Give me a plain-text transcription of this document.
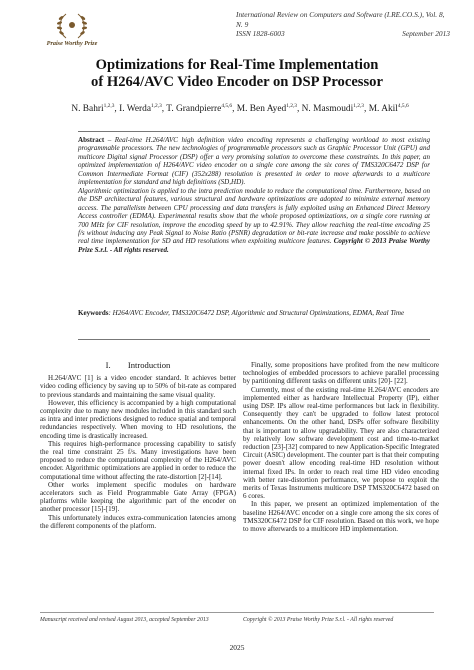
Praise Worthy Prize
International Review on Computers and Software (I.RE.CO.S.), Vol. 8, N. 9
ISSN 1828-6003	September 2013
Optimizations for Real-Time Implementation
of H264/AVC Video Encoder on DSP Processor
N. Bahri$^{1,2,3}$, I. Werda$^{1,2,3}$, T. Grandpierre$^{4,5,6}$, M. Ben Ayed$^{1,2,3}$, N. Masmoudi$^{1,2,3}$, M. Akil$^{4,5,6}$

Abstract – Real-time H.264/AVC high definition video encoding represents a challenging workload to most existing programmable processors. The new technologies of programmable processors such as Graphic Processor Unit (GPU) and multicore Digital signal Processor (DSP) offer a very promising solution to overcome these constraints. In this paper, an optimized implementation of H264/AVC video encoder on a single core among the six cores of TMS320C6472 DSP for Common Intermediate Format (CIF) (352x288) resolution is presented in order to move afterwards to a multicore implementation for standard and high definitions (SD,HD).

Algorithmic optimization is applied to the intra prediction module to reduce the computational time. Furthermore, based on the DSP architectural features, various structural and hardware optimizations are adopted to minimize external memory access. The parallelism between CPU processing and data transfers is fully exploited using an Enhanced Direct Memory Access controller (EDMA). Experimental results show that the whole proposed optimizations, on a single core running at 700 MHz for CIF resolution, improve the encoding speed by up to 42.91%. They allow reaching the real-time encoding 25 f/s without inducing any Peak Signal to Noise Ratio (PSNR) degradation or bit-rate increase and make possible to achieve real time implementation for SD and HD resolutions when exploiting multicore features. Copyright © 2013 Praise Worthy Prize S.r.l. - All rights reserved.

Keywords: H264/AVC Encoder, TMS320C6472 DSP, Algorithmic and Structural Optimizations, EDMA, Real Time
I.        Introduction

H.264/AVC [1] is a video encoder standard. It achieves better video coding efficiency by saving up to 50% of bit-rate as compared to previous standards and maintaining the same visual quality.

However, this efficiency is accompanied by a high computational complexity due to many new modules included in this standard such as intra and inter predictions designed to reduce spatial and temporal redundancies respectively. When moving to HD resolutions, the encoding time is drastically increased.

This requires high-performance processing capability to satisfy the real time constraint 25 f/s. Many investigations have been proposed to reduce the computational complexity of the H264/AVC encoder. Algorithmic optimizations are applied in order to reduce the computational time without affecting the rate-distortion [2]-[14].

Other works implement specific modules on hardware accelerators such as Field Programmable Gate Array (FPGA) platforms while keeping the algorithmic part of the encoder on another processor [15]-[19].

This unfortunately induces extra-communication latencies among the different components of the platform.

Finally, some propositions have profited from the new multicore technologies of embedded processors to achieve parallel processing by partitioning different tasks on different units [20]- [22].

Currently, most of the existing real-time H.264/AVC encoders are implemented either as hardware Intellectual Property (IP), either using DSP. IPs allow real-time performances but lack in flexibility. Consequently they can't be upgraded to follow latest protocol enhancements. On the other hand, DSPs offer software flexibility that is important to allow upgradability. They are also characterized by relatively low software development cost and time-to-market reduction [23]-[32] compared to new Application-Specific Integrated Circuit (ASIC) development. The counter part is that their computing power doesn't allow encoding real-time HD resolution without internal fixed IPs. In order to reach real time HD video encoding with better rate-distortion performance, we propose to exploit the merits of Texas Instruments multicore DSP TMS320C6472 based on 6 cores.

In this paper, we present an optimized implementation of the baseline H264/AVC encoder on a single core among the six cores of TMS320C6472 DSP for CIF resolution. Based on this work, we hope to move afterwards to a multicore HD implementation.

Manuscript received and revised August 2013, accepted September 2013	Copyright © 2013 Praise Worthy Prize S.r.l. - All rights reserved
2025
